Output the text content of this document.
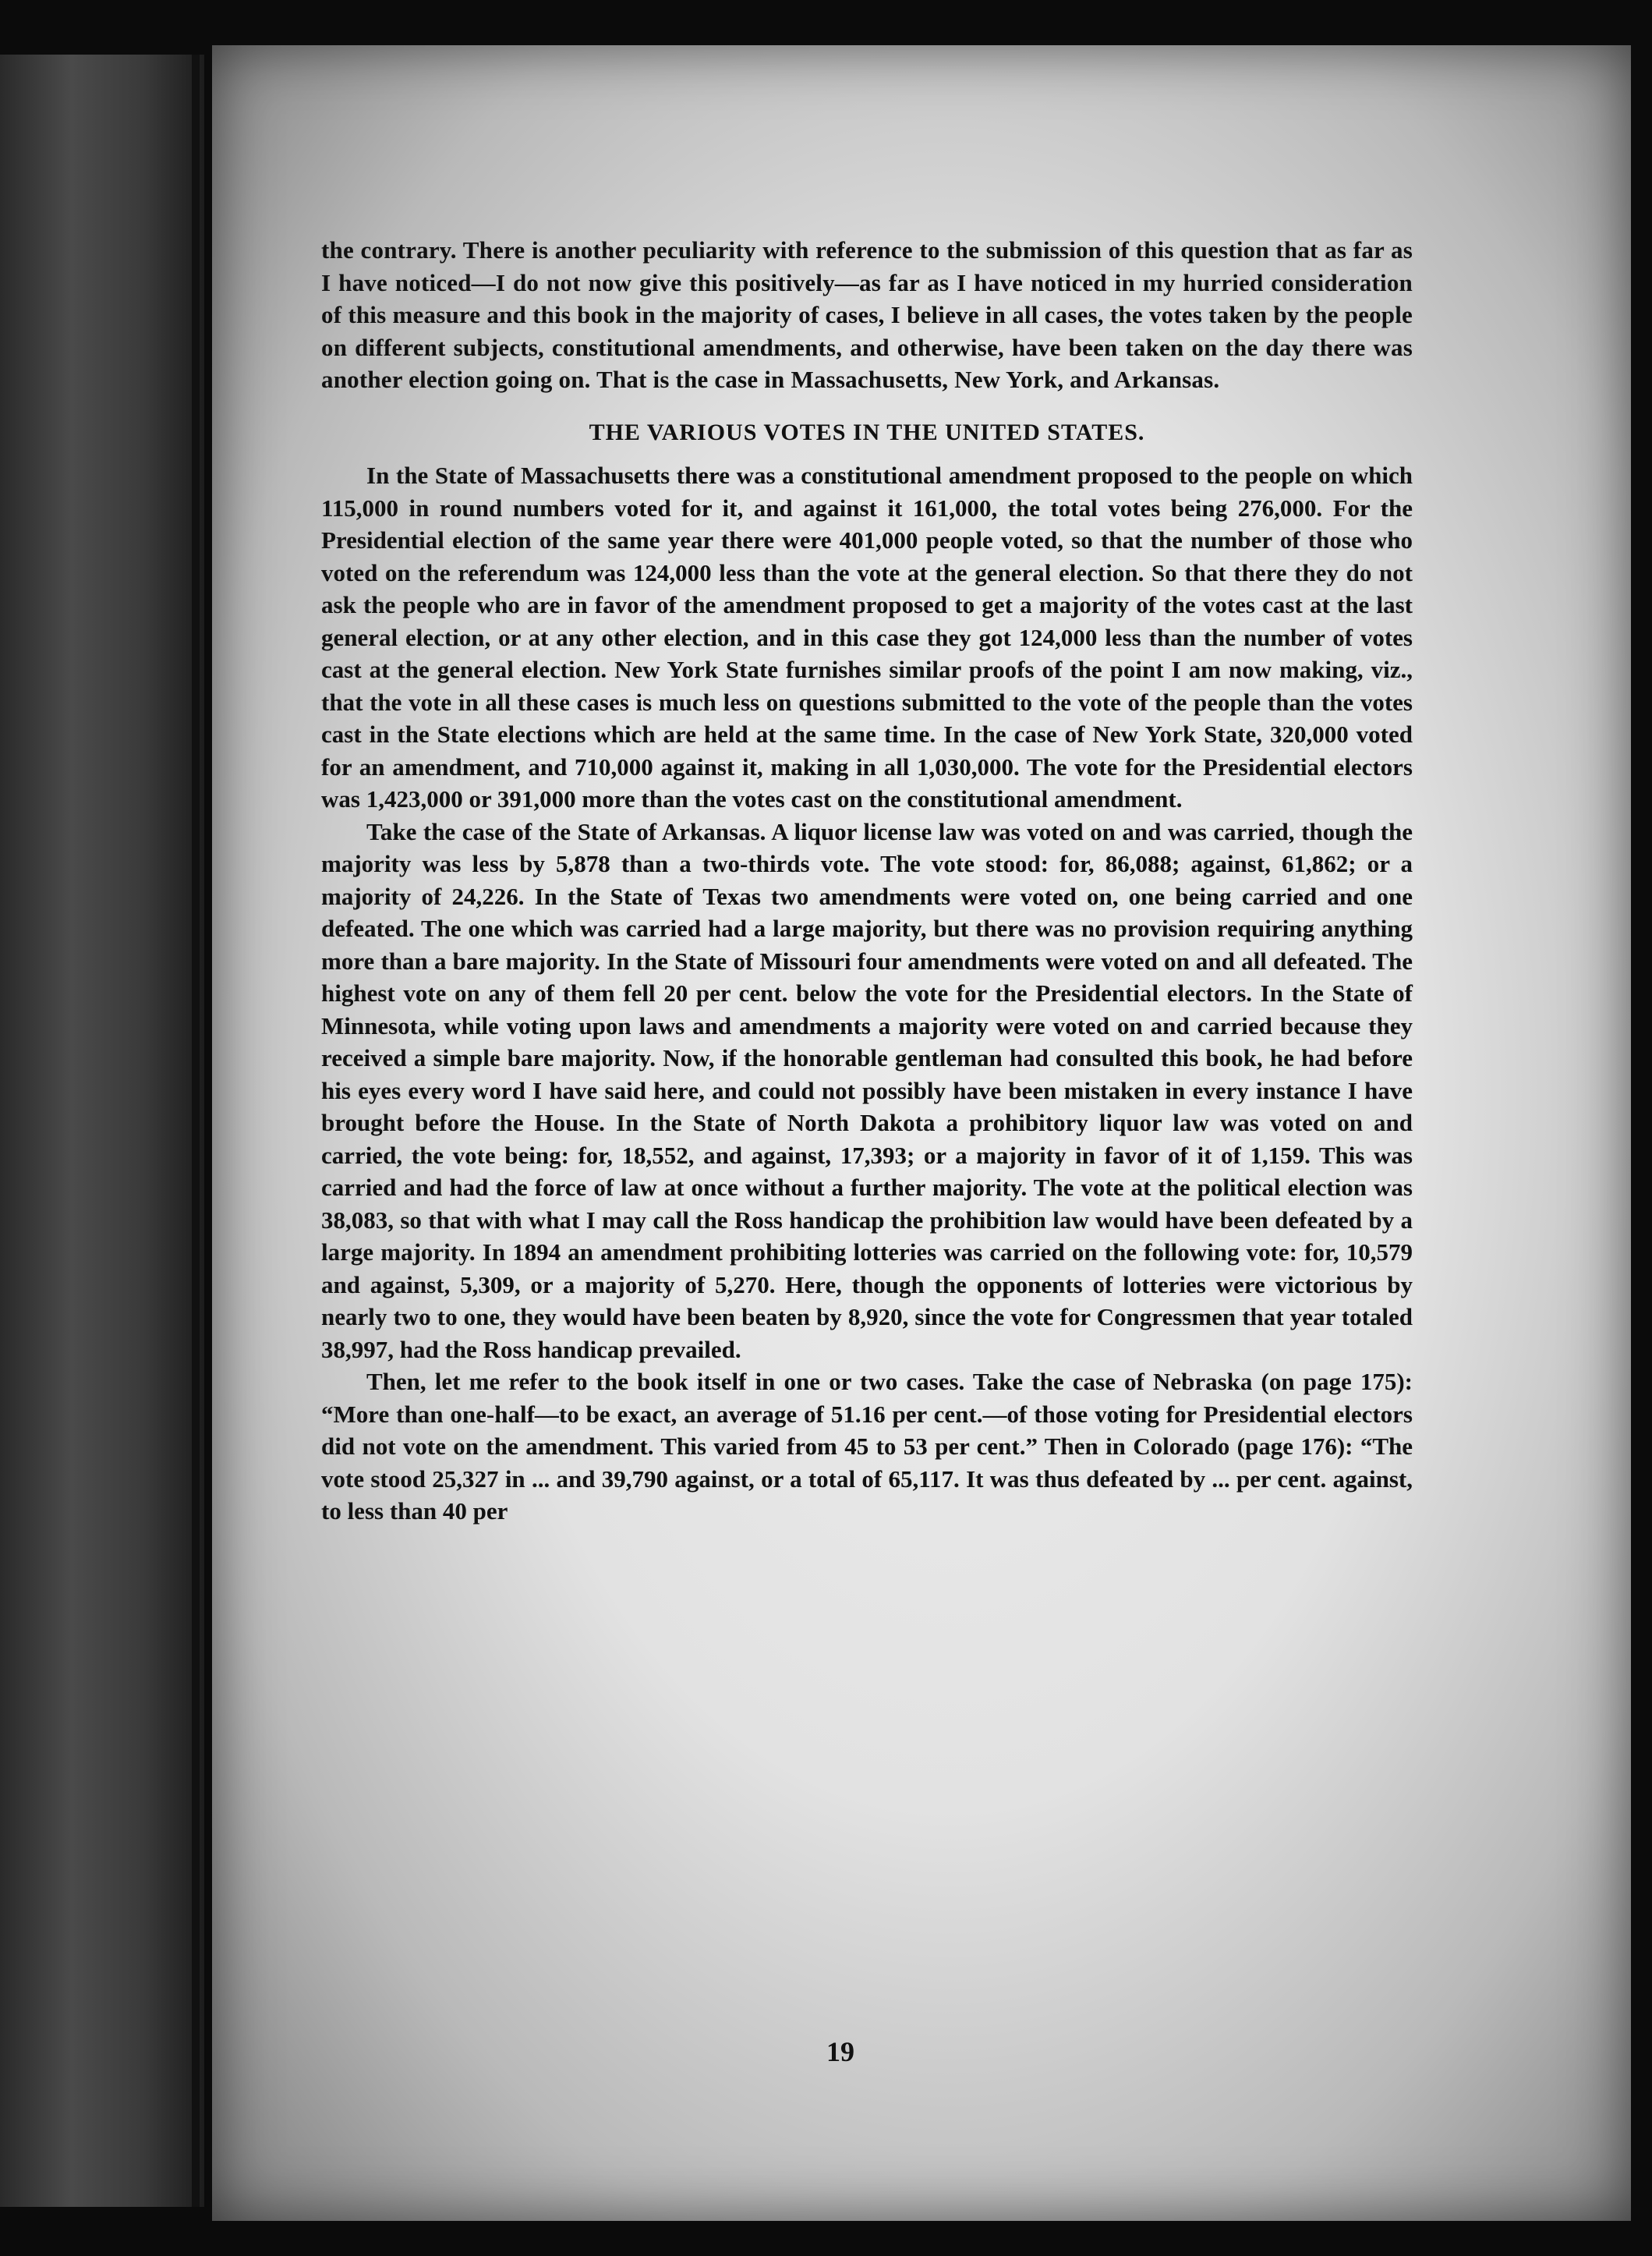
the contrary. There is another peculiarity with reference to the submission of this question that as far as I have noticed—I do not now give this positively—as far as I have noticed in my hurried consideration of this measure and this book in the majority of cases, I believe in all cases, the votes taken by the people on different subjects, constitutional amendments, and otherwise, have been taken on the day there was another election going on. That is the case in Massachusetts, New York, and Arkansas.

THE VARIOUS VOTES IN THE UNITED STATES.

In the State of Massachusetts there was a constitutional amendment proposed to the people on which 115,000 in round numbers voted for it, and against it 161,000, the total votes being 276,000. For the Presidential election of the same year there were 401,000 people voted, so that the number of those who voted on the referendum was 124,000 less than the vote at the general election. So that there they do not ask the people who are in favor of the amendment proposed to get a majority of the votes cast at the last general election, or at any other election, and in this case they got 124,000 less than the number of votes cast at the general election. New York State furnishes similar proofs of the point I am now making, viz., that the vote in all these cases is much less on questions submitted to the vote of the people than the votes cast in the State elections which are held at the same time. In the case of New York State, 320,000 voted for an amendment, and 710,000 against it, making in all 1,030,000. The vote for the Presidential electors was 1,423,000 or 391,000 more than the votes cast on the constitutional amendment.

Take the case of the State of Arkansas. A liquor license law was voted on and was carried, though the majority was less by 5,878 than a two-thirds vote. The vote stood: for, 86,088; against, 61,862; or a majority of 24,226. In the State of Texas two amendments were voted on, one being carried and one defeated. The one which was carried had a large majority, but there was no provision requiring anything more than a bare majority. In the State of Missouri four amendments were voted on and all defeated. The highest vote on any of them fell 20 per cent. below the vote for the Presidential electors. In the State of Minnesota, while voting upon laws and amendments a majority were voted on and carried because they received a simple bare majority. Now, if the honorable gentleman had consulted this book, he had before his eyes every word I have said here, and could not possibly have been mistaken in every instance I have brought before the House. In the State of North Dakota a prohibitory liquor law was voted on and carried, the vote being: for, 18,552, and against, 17,393; or a majority in favor of it of 1,159. This was carried and had the force of law at once without a further majority. The vote at the political election was 38,083, so that with what I may call the Ross handicap the prohibition law would have been defeated by a large majority. In 1894 an amendment prohibiting lotteries was carried on the following vote: for, 10,579 and against, 5,309, or a majority of 5,270. Here, though the opponents of lotteries were victorious by nearly two to one, they would have been beaten by 8,920, since the vote for Congressmen that year totaled 38,997, had the Ross handicap prevailed.

Then, let me refer to the book itself in one or two cases. Take the case of Nebraska (on page 175): “More than one-half—to be exact, an average of 51.16 per cent.—of those voting for Presidential electors did not vote on the amendment. This varied from 45 to 53 per cent.” Then in Colorado (page 176): “The vote stood 25,327 in ... and 39,790 against, or a total of 65,117. It was thus defeated by ... per cent. against, to less than 40 per

19
